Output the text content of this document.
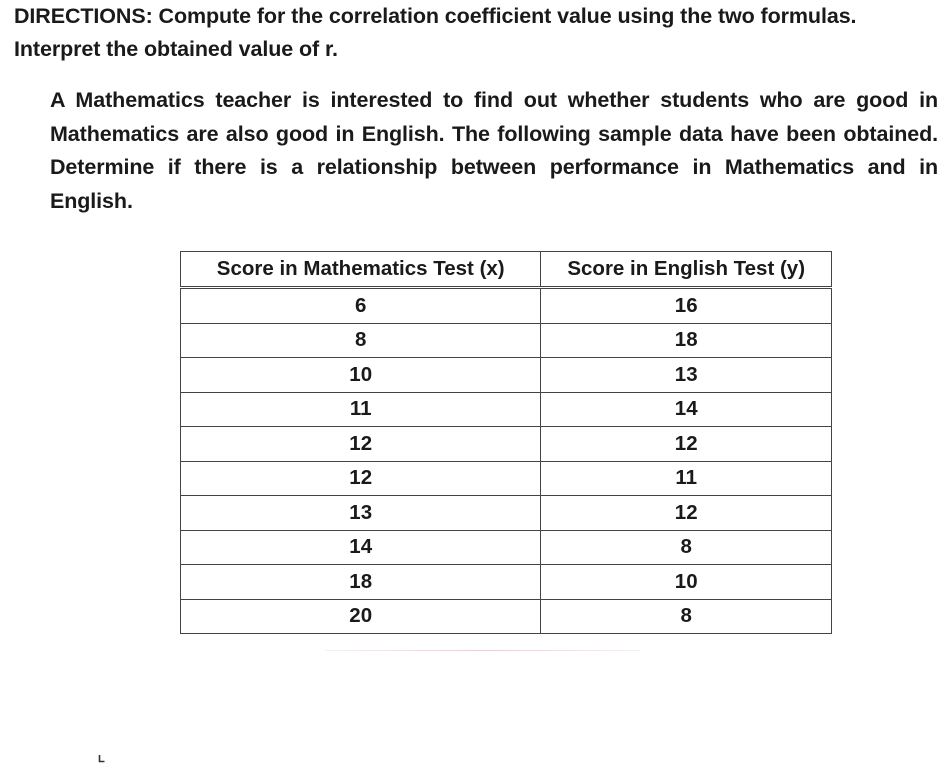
DIRECTIONS: Compute for the correlation coefficient value using the two formulas. Interpret the obtained value of r.
A Mathematics teacher is interested to find out whether students who are good in Mathematics are also good in English. The following sample data have been obtained. Determine if there is a relationship between performance in Mathematics and in English.
Score in Mathematics Test (x)	Score in English Test (y)
6	16
8	18
10	13
11	14
12	12
12	11
13	12
14	8
18	10
20	8
